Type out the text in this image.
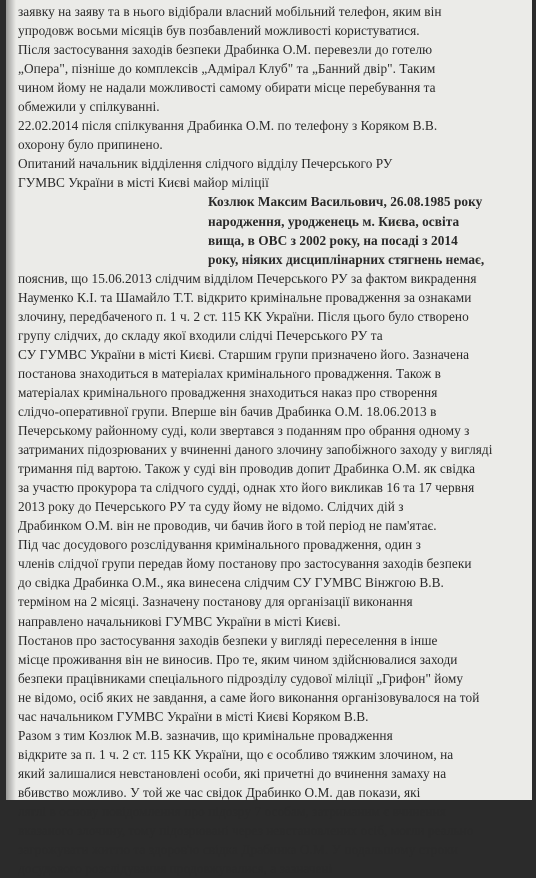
заявку на заяву та в нього відібрали власний мобільний телефон, яким він
упродовж восьми місяців був позбавлений можливості користуватися.
Після застосування заходів безпеки Драбинка О.М. перевезли до готелю
„Опера", пізніше до комплексів „Адмірал Клуб" та „Банний двір". Таким
чином йому не надали можливості самому обирати місце перебування та
обмежили у спілкуванні.
22.02.2014 після спілкування Драбинка О.М. по телефону з Коряком В.В.
охорону було припинено.
Опитаний начальник відділення слідчого відділу Печерського РУ
ГУМВС України в місті Києві майор міліції
Козлюк Максим Васильович, 26.08.1985 року
народження, уродженець м. Києва, освіта
вища, в ОВС з 2002 року, на посаді з 2014
року, ніяких дисциплінарних стягнень немає,
пояснив, що 15.06.2013 слідчим відділом Печерського РУ за фактом викрадення
Науменко К.І. та Шамайло Т.Т. відкрито кримінальне провадження за ознаками
злочину, передбаченого п. 1 ч. 2 ст. 115 КК України. Після цього було створено
групу слідчих, до складу якої входили слідчі Печерського РУ та
СУ ГУМВС України в місті Києві. Старшим групи призначено його. Зазначена
постанова знаходиться в матеріалах кримінального провадження. Також в
матеріалах кримінального провадження знаходиться наказ про створення
слідчо-оперативної групи. Вперше він бачив Драбинка О.М. 18.06.2013 в
Печерському районному суді, коли звертався з поданням про обрання одному з
затриманих підозрюваних у вчиненні даного злочину запобіжного заходу у вигляді
тримання під вартою. Також у суді він проводив допит Драбинка О.М. як свідка
за участю прокурора та слідчого судді, однак хто його викликав 16 та 17 червня
2013 року до Печерського РУ та суду йому не відомо. Слідчих дій з
Драбинком О.М. він не проводив, чи бачив його в той період не пам'ятає.
Під час досудового розслідування кримінального провадження, один з
членів слідчої групи передав йому постанову про застосування заходів безпеки
до свідка Драбинка О.М., яка винесена слідчим СУ ГУМВС Вінжгою В.В.
терміном на 2 місяці. Зазначену постанову для організації виконання
направлено начальникові ГУМВС України в місті Києві.
Постанов про застосування заходів безпеки у вигляді переселення в інше
місце проживання він не виносив. Про те, яким чином здійснювалися заходи
безпеки працівниками спеціального підрозділу судової міліції „Грифон" йому
не відомо, осіб яких не завдання, а саме його виконання організовувалося на той
час начальником ГУМВС України в місті Києві Коряком В.В.
Разом з тим Козлюк М.В. зазначив, що кримінальне провадження
відкрите за п. 1 ч. 2 ст. 115 КК України, що є особливо тяжким злочином, на
який залишалися невстановлені особи, які причетні до вчинення замаху на
вбивство можливо. У той же час свідок Драбинко О.М. дав покази, які
ляглі в основу повідомлення про підозру 7 особам, затриманим є вчинення
вказаного злочину, тому підозрювані через невстановлених осіб, могли реально
загрожувати життю та здоров'ю свідка Драбинка О.М. У подальшому строки
досудового розслідування продовжувалися, а зазначені
